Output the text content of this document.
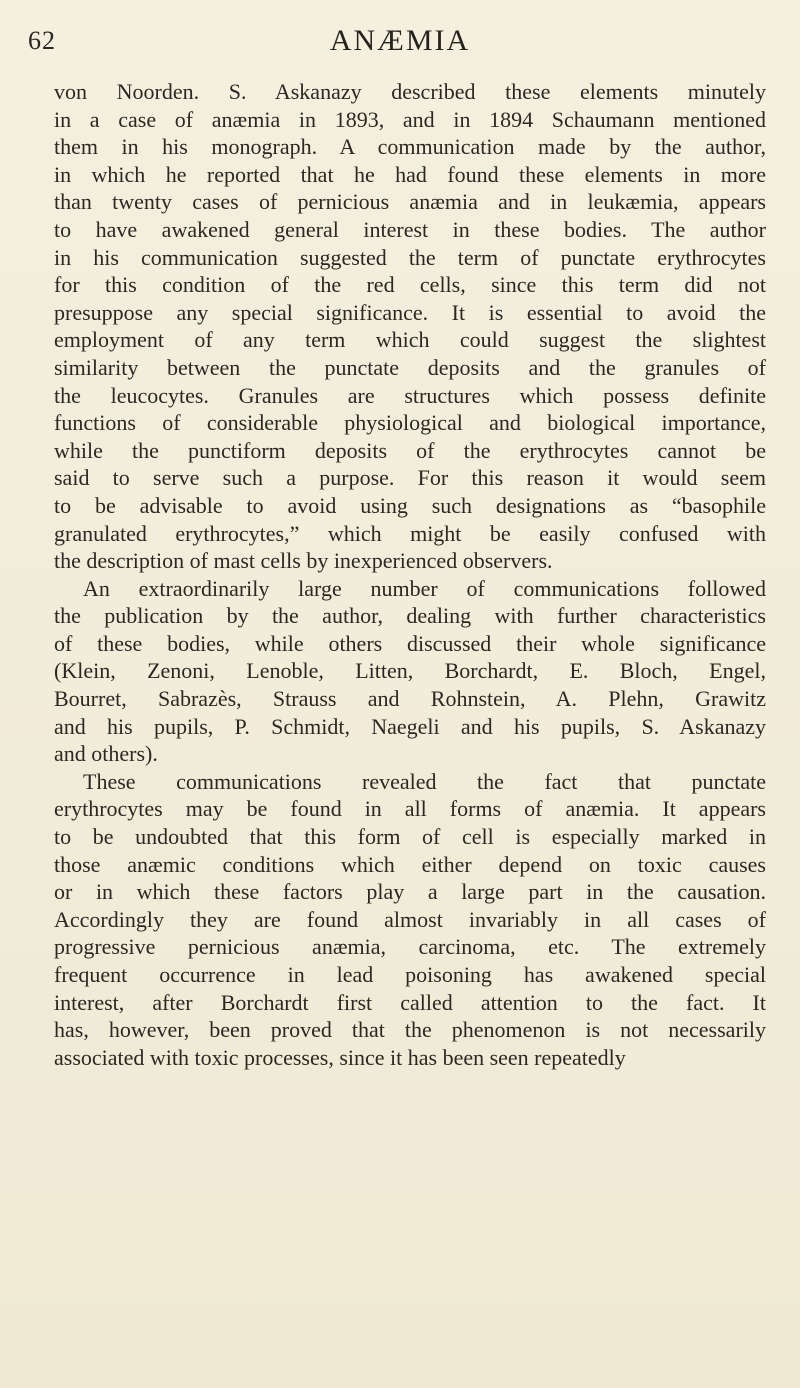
62	ANÆMIA
von Noorden. S. Askanazy described these elements minutely
in a case of anæmia in 1893, and in 1894 Schaumann mentioned
them in his monograph. A communication made by the author,
in which he reported that he had found these elements in more
than twenty cases of pernicious anæmia and in leukæmia, appears
to have awakened general interest in these bodies. The author
in his communication suggested the term of punctate erythrocytes
for this condition of the red cells, since this term did not
presuppose any special significance. It is essential to avoid the
employment of any term which could suggest the slightest
similarity between the punctate deposits and the granules of
the leucocytes. Granules are structures which possess definite
functions of considerable physiological and biological importance,
while the punctiform deposits of the erythrocytes cannot be
said to serve such a purpose. For this reason it would seem
to be advisable to avoid using such designations as “basophile
granulated erythrocytes,” which might be easily confused with
the description of mast cells by inexperienced observers.
An extraordinarily large number of communications followed
the publication by the author, dealing with further characteristics
of these bodies, while others discussed their whole significance
(Klein, Zenoni, Lenoble, Litten, Borchardt, E. Bloch, Engel,
Bourret, Sabrazès, Strauss and Rohnstein, A. Plehn, Grawitz
and his pupils, P. Schmidt, Naegeli and his pupils, S. Askanazy
and others).
These communications revealed the fact that punctate
erythrocytes may be found in all forms of anæmia. It appears
to be undoubted that this form of cell is especially marked in
those anæmic conditions which either depend on toxic causes
or in which these factors play a large part in the causation.
Accordingly they are found almost invariably in all cases of
progressive pernicious anæmia, carcinoma, etc. The extremely
frequent occurrence in lead poisoning has awakened special
interest, after Borchardt first called attention to the fact. It
has, however, been proved that the phenomenon is not necessarily
associated with toxic processes, since it has been seen repeatedly
